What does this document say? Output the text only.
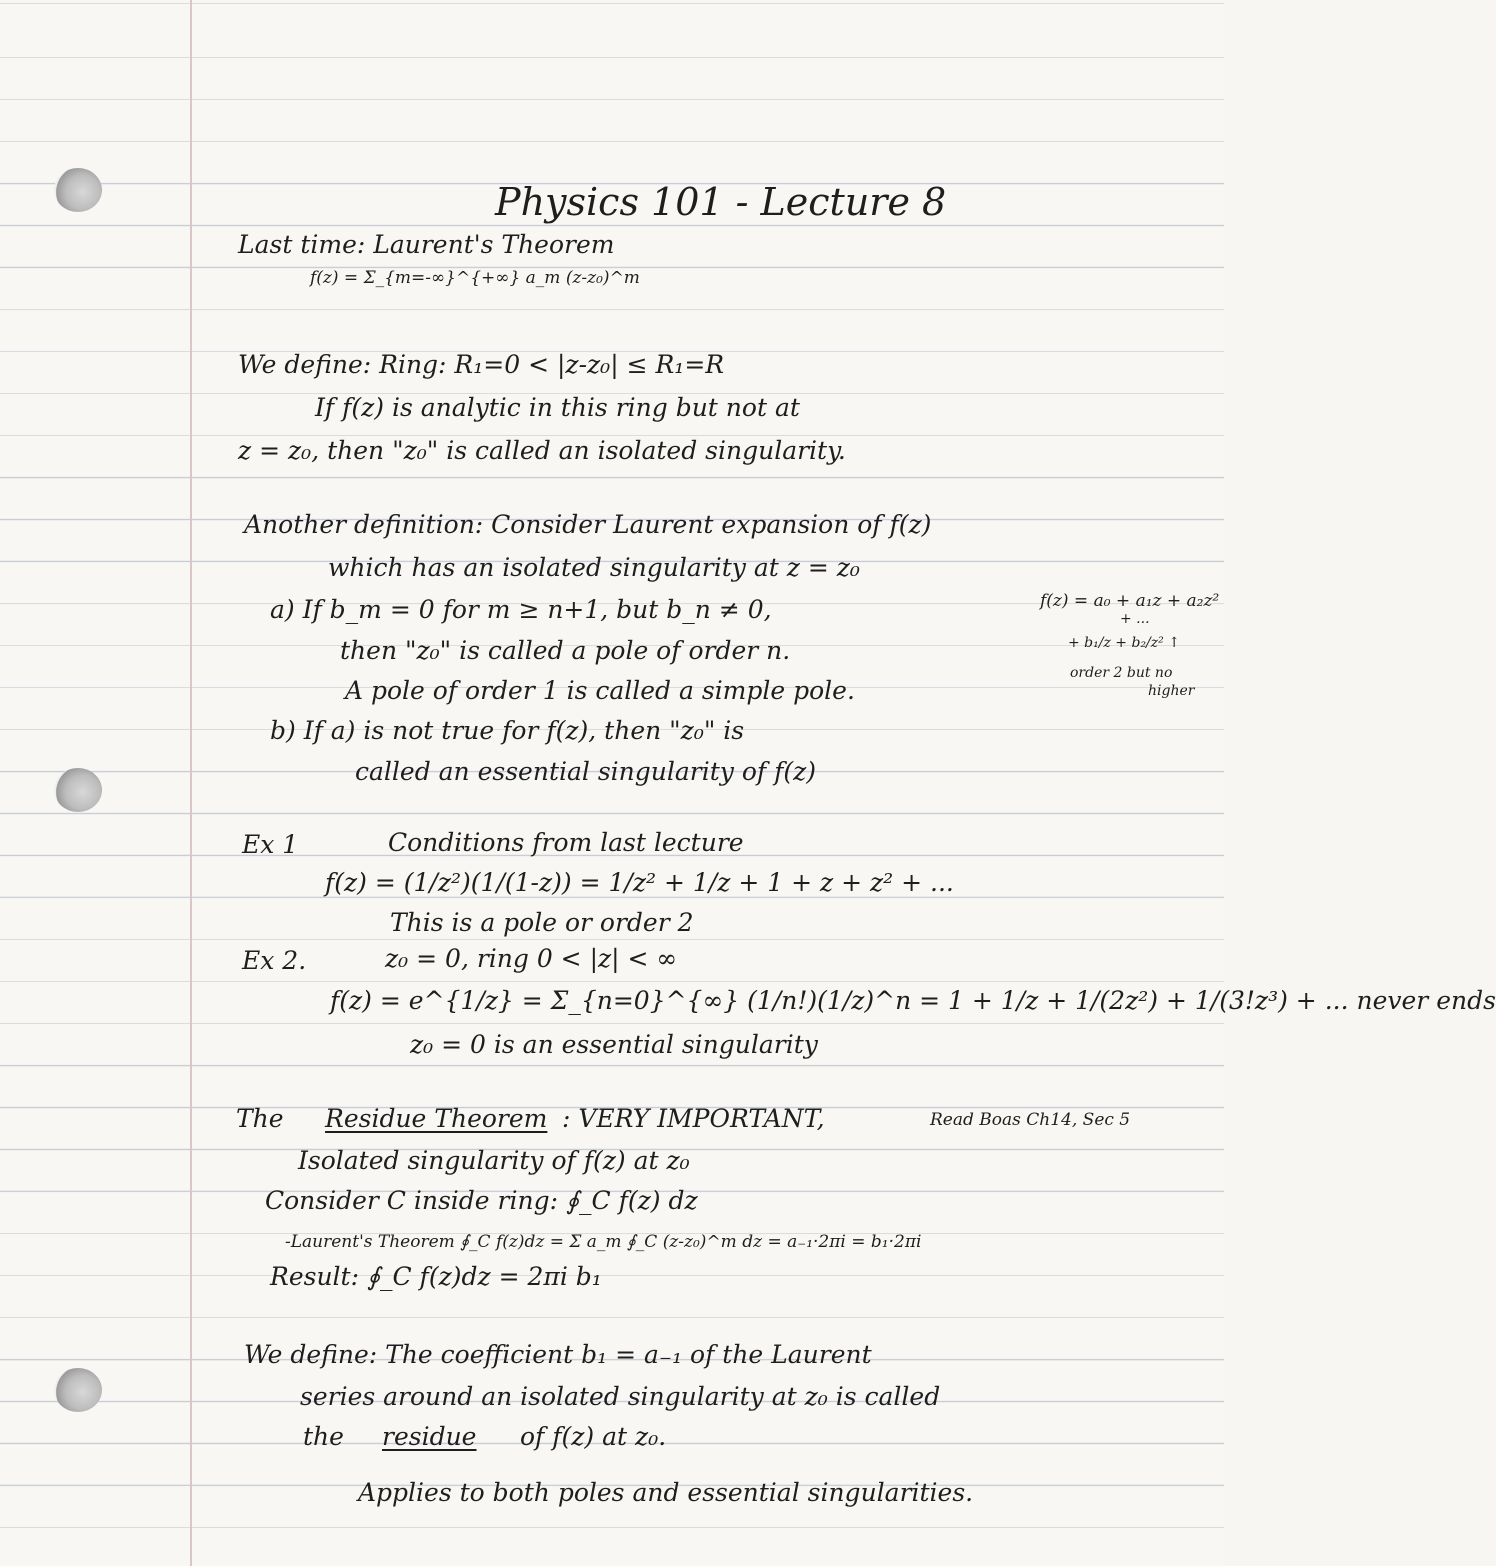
Physics 101 - Lecture 8
Last time: Laurent's Theorem
f(z) = Σ_{m=-∞}^{+∞} a_m (z-z₀)^m
We define: Ring: R₁=0 < |z-z₀| ≤ R₁=R
If f(z) is analytic in this ring but not at
z = z₀, then "z₀" is called an isolated singularity.
Another definition: Consider Laurent expansion of f(z)
which has an isolated singularity at z = z₀
a) If b_m = 0 for m ≥ n+1, but b_n ≠ 0,
then "z₀" is called a pole of order n.
A pole of order 1 is called a simple pole.
b) If a) is not true for f(z), then "z₀" is
called an essential singularity of f(z)
f(z) = a₀ + a₁z + a₂z²
+ ...
+ b₁/z + b₂/z² ↑
order 2 but no
higher
Ex 1	Conditions from last lecture
f(z) = (1/z²)(1/(1-z)) = 1/z² + 1/z + 1 + z + z² + ...
This is a pole or order 2
Ex 2.	z₀ = 0, ring 0 < |z| < ∞
f(z) = e^{1/z} = Σ_{n=0}^{∞} (1/n!)(1/z)^n = 1 + 1/z + 1/(2z²) + 1/(3!z³) + ... never ends
z₀ = 0 is an essential singularity
The Residue Theorem : VERY IMPORTANT,	Read Boas Ch14, Sec 5
Isolated singularity of f(z) at z₀
Consider C inside ring: ∮_C f(z) dz
-Laurent's Theorem ∮_C f(z)dz = Σ a_m ∮_C (z-z₀)^m dz = a₋₁·2πi = b₁·2πi
Result: ∮_C f(z)dz = 2πi b₁
We define: The coefficient b₁ = a₋₁ of the Laurent
series around an isolated singularity at z₀ is called
the residue of f(z) at z₀.
Applies to both poles and essential singularities.
